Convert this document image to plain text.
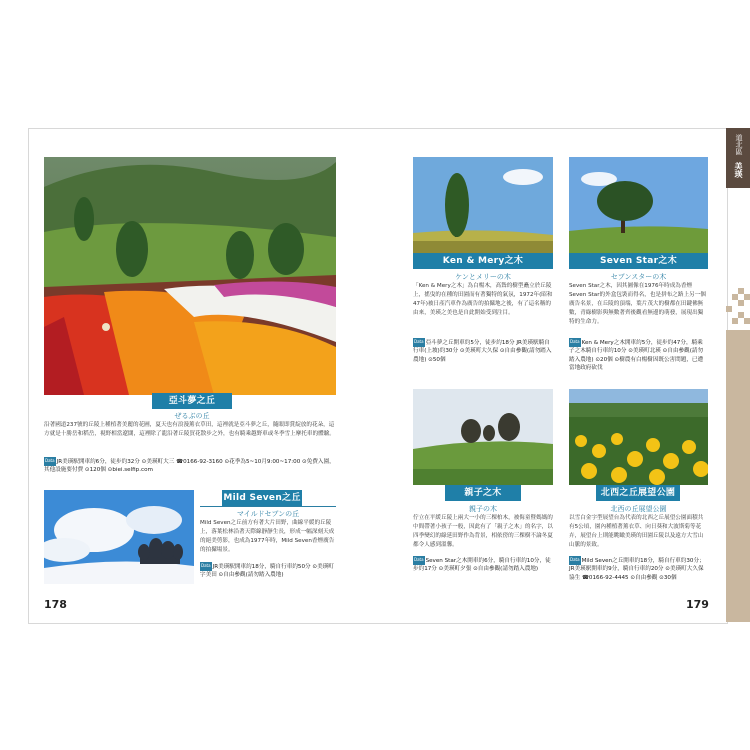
亞斗夢之丘
ぜるぶの丘
沿著國道237號的丘陵上種植著美麗的花圃，夏天也有浪漫薰衣草田，這裡就是亞斗夢之丘，隨眼即賞綻放的花朵，這方就是十勝岳和稻岳，視野相當遼闊，這裡除了龍沿著丘陵買花散步之外，也有騎乘越野車或冬季雪上摩托車的體驗。
Data JR美瑛駅開車約6分，徒步約32分 ⊙美瑛町大三 ☎0166-92-3160 ⊙花季為5~10月9:00~17:00 ⊙免費入園，其他設施要付費 ⊙120個 ⊙biei.selfip.com
Mild Seven之丘
マイルドセブンの丘
Mild Seven之丘前方有著大片田野，曲線平緩的丘陵上，落葉松林沿著天際線靜靜生長，形成一幅深刻天成的絕美剪影，也成為1977年時，Mild Seven香煙廣告的拍攝場景。
Data JR美瑛駅開車約18分，騎自行車約50分 ⊙美瑛町字美田 ⊙自由參觀(請勿踏入農地)
178
Ken & Mery之木
ケンとメリーの木
「Ken & Mery之木」為白楊木，高聳的樹型矗立於丘陵上，搖曳的在種的田園而有著獨特的氣氛，1972年(昭和47年)被日產汽車作為廣告的拍攝地之後，有了這名稱的由來，美瑛之美也是自此開始受到注目。
Data 亞斗夢之丘開車約5分，徒步約18分 JR美瑛駅騎自行車(上坡)約30分 ⊙美瑛町大久保 ⊙自由參觀(請勿踏入農地) ⊙50個
Seven Star之木
セブンスターの木
Seven Star之木，因其圖像在1976年時成為香煙Seven Star的外盒包裝而得名，也是拼布之路上另一個廣告名景，在丘陵的頂端，葉片茂大的樹都在田鍵佛無數，青綠樹影與無數著齊後觀看無邊的萌發，展現出獨特的生命力。
Data Ken & Mery之木開車約5分，徒步約47分，騎乘子之木騎自行車約10分 ⊙美瑛町北瑛 ⊙自由參觀(請勿踏入農地) ⊙20個 ⊙樹農有白楊樹因既公害問題，已遭當地政府砍伐
親子之木
親子の木
佇立在平緩丘陵上兩大一小的三棵柏木，被侮童暨媽媽的中間帶著小孩子一般，因此有了「親子之木」的名字，以四季變幻的綠延田野作為背景，相依傍的三棵樹不論冬夏都令人感到溫馨。
Data Seven Star之木開車約6分，騎自行車約10分，徒步約17分 ⊙美瑛町夕張 ⊙自由參觀(請勿踏入農地)
北西之丘展望公園
北西の丘展望公園
以雪白金字型展望台為代表的北西之丘展望公園面積共有5公頃，園內種植著薰衣草、向日葵和大波斯菊等花卉，展望台上則能眺瞰美瑛的田園丘陵以及遠方大雪山山脈的景致。
Data Mild Seven之丘開車約18分，騎自行車約30分；JR美瑛駅開車約9分，騎自行車約20分 ⊙美瑛町大久保協生 ☎0166-92-4445 ⊙自由參觀 ⊙30個
179
道北區
美瑛
